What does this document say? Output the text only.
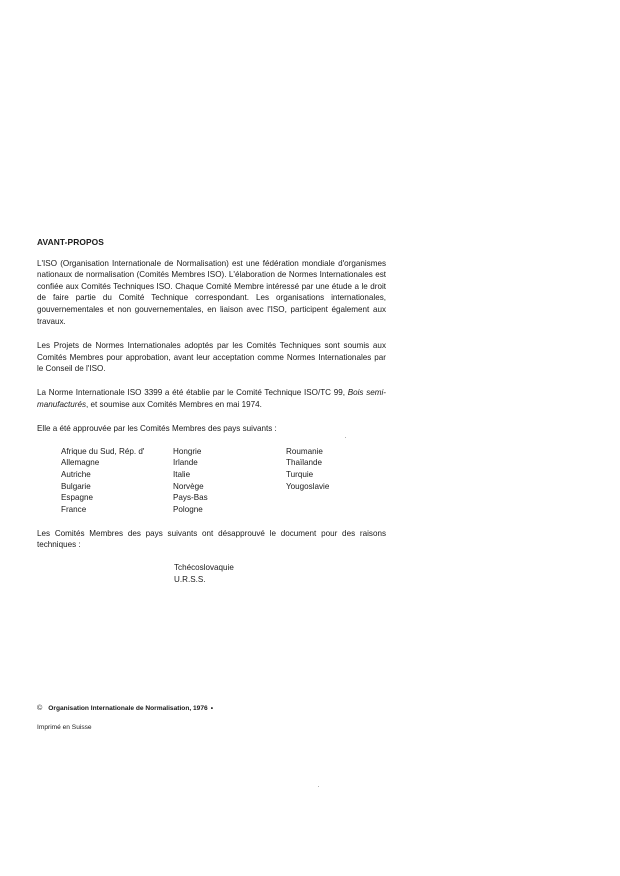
AVANT-PROPOS

L'ISO (Organisation Internationale de Normalisation) est une fédération mondiale d'organismes nationaux de normalisation (Comités Membres ISO). L'élaboration de Normes Internationales est confiée aux Comités Techniques ISO. Chaque Comité Membre intéressé par une étude a le droit de faire partie du Comité Technique correspondant. Les organisations internationales, gouvernementales et non gouvernementales, en liaison avec l'ISO, participent également aux travaux.

Les Projets de Normes Internationales adoptés par les Comités Techniques sont soumis aux Comités Membres pour approbation, avant leur acceptation comme Normes Internationales par le Conseil de l'ISO.

La Norme Internationale ISO 3399 a été établie par le Comité Technique ISO/TC 99, Bois semi-manufacturés, et soumise aux Comités Membres en mai 1974.

Elle a été approuvée par les Comités Membres des pays suivants :

Afrique du Sud, Rép. d'
Allemagne
Autriche
Bulgarie
Espagne
France
Hongrie
Irlande
Italie
Norvège
Pays-Bas
Pologne
Roumanie
Thaïlande
Turquie
Yougoslavie

Les Comités Membres des pays suivants ont désapprouvé le document pour des raisons techniques :

Tchécoslovaquie
U.R.S.S.
© Organisation Internationale de Normalisation, 1976 •
Imprimé en Suisse
